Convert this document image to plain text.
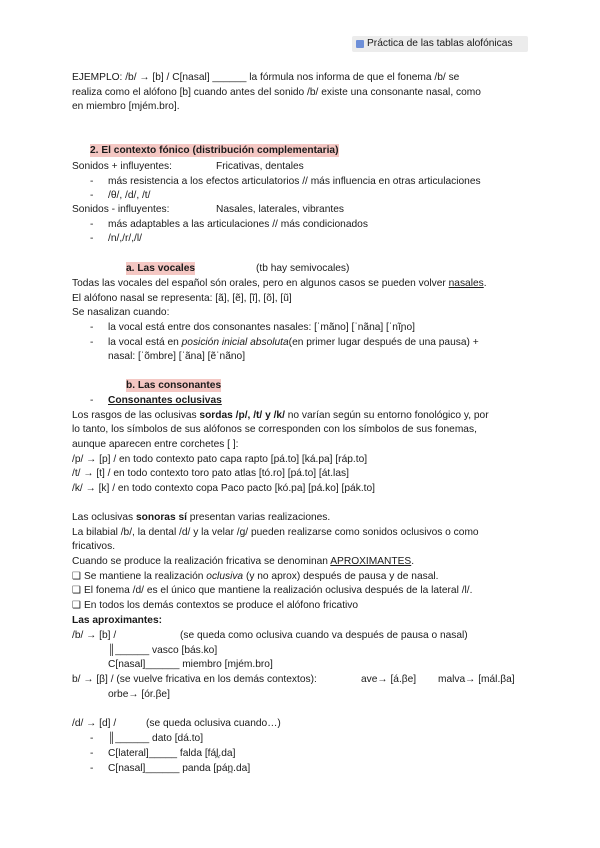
Práctica de las tablas alofónicas
EJEMPLO: /b/ → [b] / C[nasal] ______ la fórmula nos informa de que el fonema /b/ se
realiza como el alófono [b] cuando antes del sonido /b/ existe una consonante nasal, como
en miembro [mjém.bro].
2. El contexto fónico (distribución complementaria)
Sonidos + influyentes:	Fricativas, dentales
- más resistencia a los efectos articulatorios // más influencia en otras articulaciones
- /θ/, /d/, /t/
Sonidos - influyentes:	Nasales, laterales, vibrantes
- más adaptables a las articulaciones // más condicionados
- /n/,/r/,/l/
a. Las vocales	(tb hay semivocales)
Todas las vocales del español són orales, pero en algunos casos se pueden volver nasales.
El alófono nasal se representa: [ã], [ẽ], [ĩ], [õ], [ũ]
Se nasalizan cuando:
- la vocal está entre dos consonantes nasales: [ˈmãno] [ˈnãna] [ˈnĩɲo]
- la vocal está en posición inicial absoluta(en primer lugar después de una pausa) +
nasal: [ˈõmbre] [ˈãna] [ẽˈnãno]
b. Las consonantes
- Consonantes oclusivas
Los rasgos de las oclusivas sordas /p/, /t/ y /k/ no varían según su entorno fonológico y, por
lo tanto, los símbolos de sus alófonos se corresponden con los símbolos de sus fonemas,
aunque aparecen entre corchetes [ ]:
/p/ → [p] / en todo contexto pato capa rapto [pá.to] [ká.pa] [ráp.to]
/t/ → [t] / en todo contexto toro pato atlas [tó.ro] [pá.to] [át.las]
/k/ → [k] / en todo contexto copa Paco pacto [kó.pa] [pá.ko] [pák.to]
Las oclusivas sonoras sí presentan varias realizaciones.
La bilabial /b/, la dental /d/ y la velar /g/ pueden realizarse como sonidos oclusivos o como
fricativos.
Cuando se produce la realización fricativa se denominan APROXIMANTES.
❑ Se mantiene la realización oclusiva (y no aprox) después de pausa y de nasal.
❑ El fonema /d/ es el único que mantiene la realización oclusiva después de la lateral /l/.
❑ En todos los demás contextos se produce el alófono fricativo
Las aproximantes:
/b/ → [b] /	(se queda como oclusiva cuando va después de pausa o nasal)
║______ vasco [bás.ko]
C[nasal]______ miembro [mjém.bro]
b/ → [β] / (se vuelve fricativa en los demás contextos):	ave→ [á.βe] malva→ [mál.βa]
orbe→ [ór.βe]
/d/ → [d] /	(se queda oclusiva cuando…)
- ║______ dato [dá.to]
- C[lateral]_____ falda [fál̪.da]
- C[nasal]______ panda [pán̪.da]
